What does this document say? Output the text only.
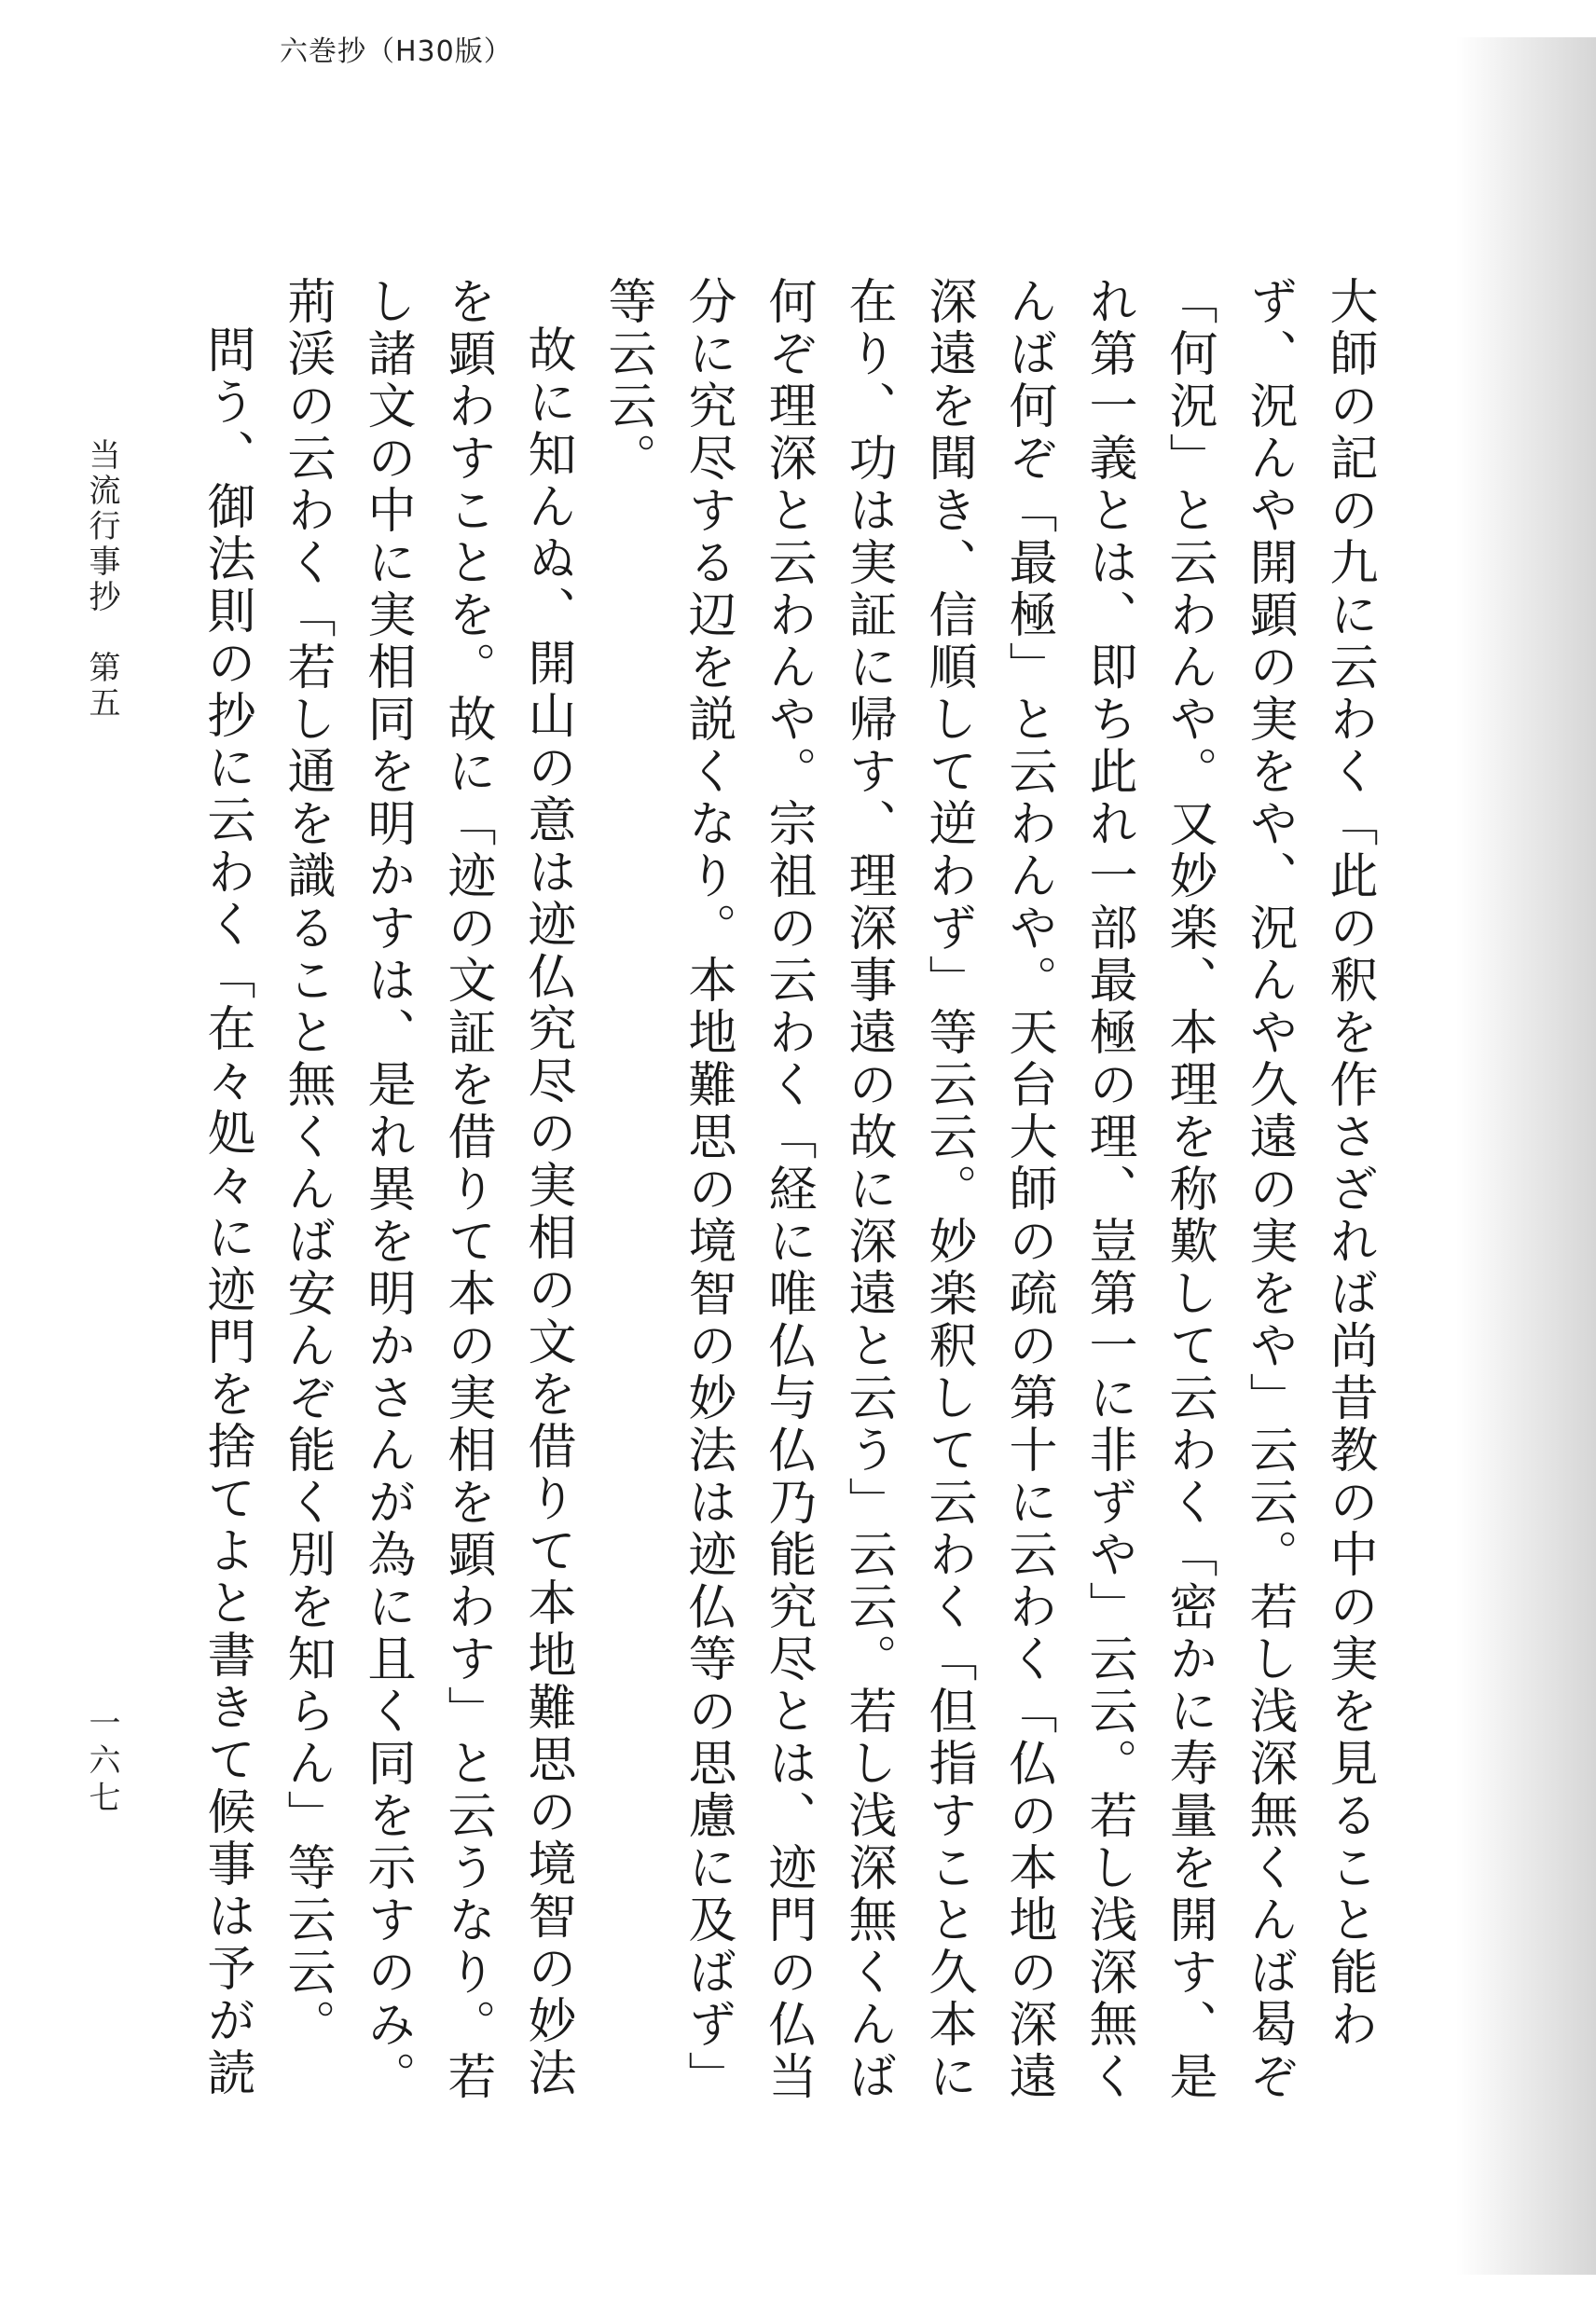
六巻抄（H30版）

大師の記の九に云わく「此の釈を作さざれば尚昔教の中の実を見ること能わず、況んや開顕の実をや、況んや久遠の実をや」云云。若し浅深無くんば曷ぞ「何況」と云わんや。又妙楽、本理を称歎して云わく「密かに寿量を開す、是れ第一義とは、即ち此れ一部最極の理、豈第一に非ずや」云云。若し浅深無くんば何ぞ「最極」と云わんや。天台大師の疏の第十に云わく「仏の本地の深遠深遠を聞き、信順して逆わず」等云云。妙楽釈して云わく「但指すこと久本に在り、功は実証に帰す、理深事遠の故に深遠と云う」云云。若し浅深無くんば何ぞ理深と云わんや。宗祖の云わく「経に唯仏与仏乃能究尽とは、迹門の仏当分に究尽する辺を説くなり。本地難思の境智の妙法は迹仏等の思慮に及ばず」等云云。

故に知んぬ、開山の意は迹仏究尽の実相の文を借りて本地難思の境智の妙法を顕わすことを。故に「迹の文証を借りて本の実相を顕わす」と云うなり。若し諸文の中に実相同を明かすは、是れ異を明かさんが為に且く同を示すのみ。荊渓の云わく「若し通を識ること無くんば安んぞ能く別を知らん」等云云。

問う、御法則の抄に云わく「在々処々に迹門を捨てよと書きて候事は予が読

当流行事抄　第五
一六七
